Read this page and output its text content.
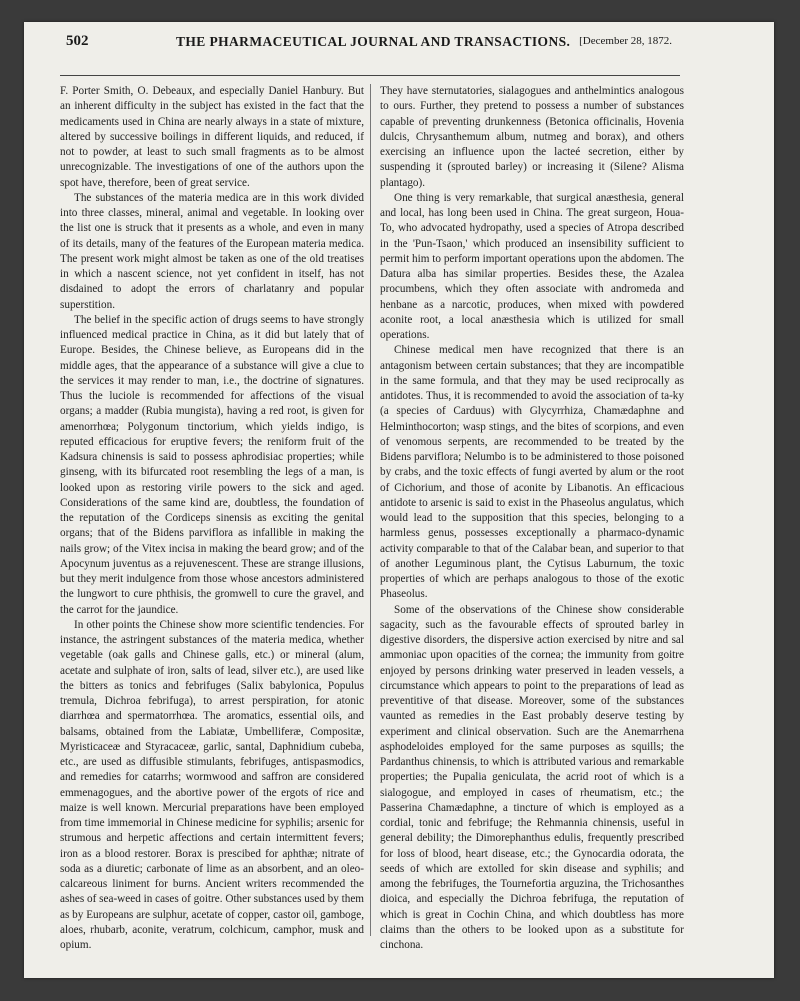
502	THE PHARMACEUTICAL JOURNAL AND TRANSACTIONS. [December 28, 1872.

F. Porter Smith, O. Debeaux, and especially Daniel Hanbury. But an inherent difficulty in the subject has existed in the fact that the medicaments used in China are nearly always in a state of mixture, altered by successive boilings in different liquids, and reduced, if not to powder, at least to such small fragments as to be almost unrecognizable. The investigations of one of the authors upon the spot have, therefore, been of great service.

The substances of the materia medica are in this work divided into three classes, mineral, animal and vegetable. In looking over the list one is struck that it presents as a whole, and even in many of its details, many of the features of the European materia medica. The present work might almost be taken as one of the old treatises in which a nascent science, not yet confident in itself, has not disdained to adopt the errors of charlatanry and popular superstition.

The belief in the specific action of drugs seems to have strongly influenced medical practice in China, as it did but lately that of Europe. Besides, the Chinese believe, as Europeans did in the middle ages, that the appearance of a substance will give a clue to the services it may render to man, i.e., the doctrine of signatures. Thus the luciole is recommended for affections of the visual organs; a madder (Rubia mungista), having a red root, is given for amenorrhœa; Polygonum tinctorium, which yields indigo, is reputed efficacious for eruptive fevers; the reniform fruit of the Kadsura chinensis is said to possess aphrodisiac properties; while ginseng, with its bifurcated root resembling the legs of a man, is looked upon as restoring virile powers to the sick and aged. Considerations of the same kind are, doubtless, the foundation of the reputation of the Cordiceps sinensis as exciting the genital organs; that of the Bidens parviflora as infallible in making the nails grow; of the Vitex incisa in making the beard grow; and of the Apocynum juventus as a rejuvenescent. These are strange illusions, but they merit indulgence from those whose ancestors administered the lungwort to cure phthisis, the gromwell to cure the gravel, and the carrot for the jaundice.

In other points the Chinese show more scientific tendencies. For instance, the astringent substances of the materia medica, whether vegetable (oak galls and Chinese galls, etc.) or mineral (alum, acetate and sulphate of iron, salts of lead, silver etc.), are used like the bitters as tonics and febrifuges (Salix babylonica, Populus tremula, Dichroa febrifuga), to arrest perspiration, for atonic diarrhœa and spermatorrhœa. The aromatics, essential oils, and balsams, obtained from the Labiatæ, Umbelliferæ, Compositæ, Myristicaceæ and Styracaceæ, garlic, santal, Daphnidium cubeba, etc., are used as diffusible stimulants, febrifuges, antispasmodics, and remedies for catarrhs; wormwood and saffron are considered emmenagogues, and the abortive power of the ergots of rice and maize is well known. Mercurial preparations have been employed from time immemorial in Chinese medicine for syphilis; arsenic for strumous and herpetic affections and certain intermittent fevers; iron as a blood restorer. Borax is prescibed for aphthæ; nitrate of soda as a diuretic; carbonate of lime as an absorbent, and an oleo-calcareous liniment for burns. Ancient writers recommended the ashes of sea-weed in cases of goitre. Other substances used by them as by Europeans are sulphur, acetate of copper, castor oil, gamboge, aloes, rhubarb, aconite, veratrum, colchicum, camphor, musk and opium.

They have sternutatories, sialagogues and anthelmintics analogous to ours. Further, they pretend to possess a number of substances capable of preventing drunkenness (Betonica officinalis, Hovenia dulcis, Chrysanthemum album, nutmeg and borax), and others exercising an influence upon the lacteé secretion, either by suspending it (sprouted barley) or increasing it (Silene? Alisma plantago).

One thing is very remarkable, that surgical anæsthesia, general and local, has long been used in China. The great surgeon, Houa-To, who advocated hydropathy, used a species of Atropa described in the 'Pun-Tsaon,' which produced an insensibility sufficient to permit him to perform important operations upon the abdomen. The Datura alba has similar properties. Besides these, the Azalea procumbens, which they often associate with andromeda and henbane as a narcotic, produces, when mixed with powdered aconite root, a local anæsthesia which is utilized for small operations.

Chinese medical men have recognized that there is an antagonism between certain substances; that they are incompatible in the same formula, and that they may be used reciprocally as antidotes. Thus, it is recommended to avoid the association of ta-ky (a species of Carduus) with Glycyrrhiza, Chamædaphne and Helminthocorton; wasp stings, and the bites of scorpions, and even of venomous serpents, are recommended to be treated by the Bidens parviflora; Nelumbo is to be administered to those poisoned by crabs, and the toxic effects of fungi averted by alum or the root of Cichorium, and those of aconite by Libanotis. An efficacious antidote to arsenic is said to exist in the Phaseolus angulatus, which would lead to the supposition that this species, belonging to a harmless genus, possesses exceptionally a pharmaco-dynamic activity comparable to that of the Calabar bean, and superior to that of another Leguminous plant, the Cytisus Laburnum, the toxic properties of which are perhaps analogous to those of the exotic Phaseolus.

Some of the observations of the Chinese show considerable sagacity, such as the favourable effects of sprouted barley in digestive disorders, the dispersive action exercised by nitre and sal ammoniac upon opacities of the cornea; the immunity from goitre enjoyed by persons drinking water preserved in leaden vessels, a circumstance which appears to point to the preparations of lead as preventitive of that disease. Moreover, some of the substances vaunted as remedies in the East probably deserve testing by experiment and clinical observation. Such are the Anemarrhena asphodeloides employed for the same purposes as squills; the Pardanthus chinensis, to which is attributed various and remarkable properties; the Pupalia geniculata, the acrid root of which is a sialogogue, and employed in cases of rheumatism, etc.; the Passerina Chamædaphne, a tincture of which is employed as a cordial, tonic and febrifuge; the Rehmannia chinensis, useful in general debility; the Dimorephanthus edulis, frequently prescribed for loss of blood, heart disease, etc.; the Gynocardia odorata, the seeds of which are extolled for skin disease and syphilis; and among the febrifuges, the Tournefortia arguzina, the Trichosanthes dioica, and especially the Dichroa febrifuga, the reputation of which is great in Cochin China, and which doubtless has more claims than the others to be looked upon as a substitute for cinchona.
